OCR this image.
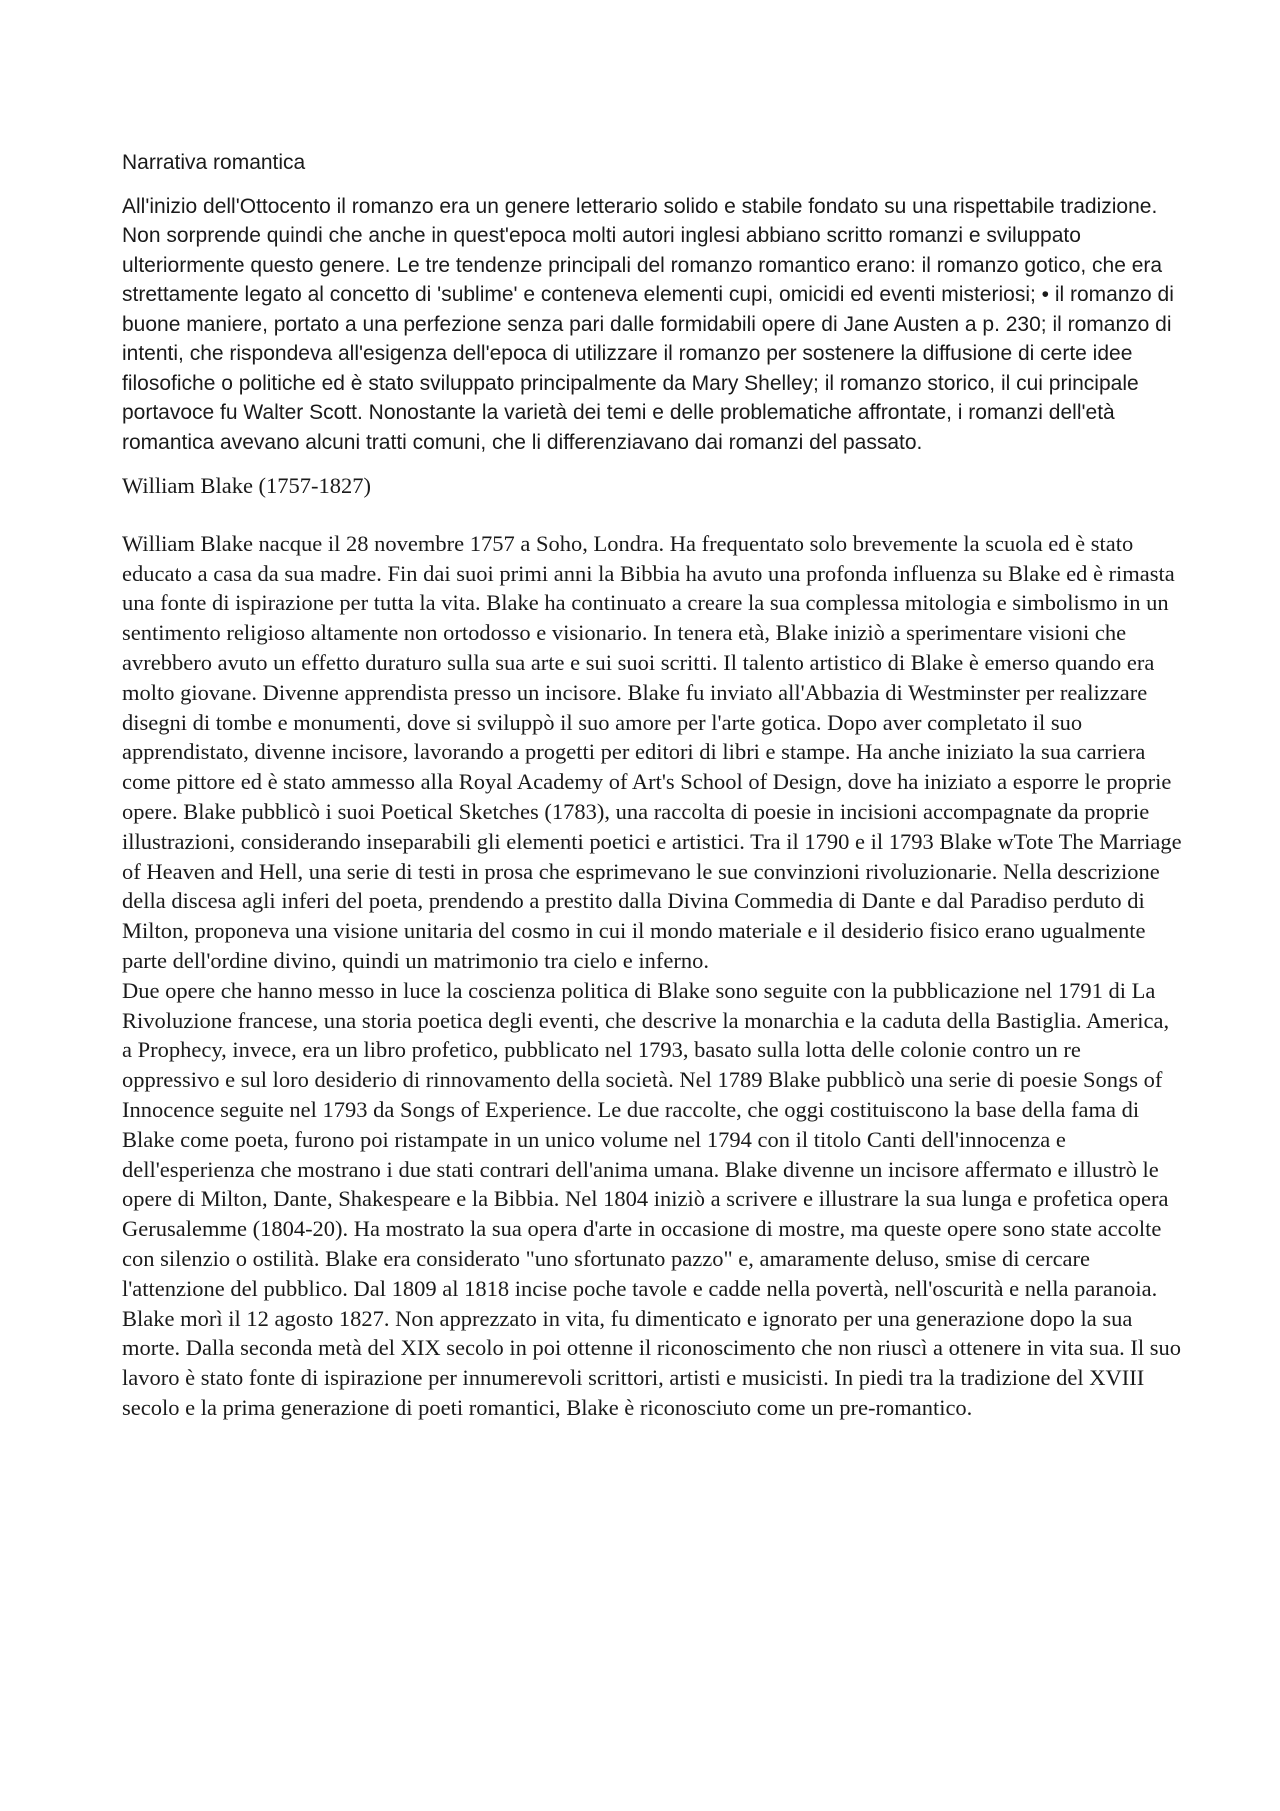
Narrativa romantica

All'inizio dell'Ottocento il romanzo era un genere letterario solido e stabile fondato su una rispettabile tradizione. Non sorprende quindi che anche in quest'epoca molti autori inglesi abbiano scritto romanzi e sviluppato ulteriormente questo genere. Le tre tendenze principali del romanzo romantico erano: il romanzo gotico, che era strettamente legato al concetto di 'sublime' e conteneva elementi cupi, omicidi ed eventi misteriosi; • il romanzo di buone maniere, portato a una perfezione senza pari dalle formidabili opere di Jane Austen a p. 230; il romanzo di intenti, che rispondeva all'esigenza dell'epoca di utilizzare il romanzo per sostenere la diffusione di certe idee filosofiche o politiche ed è stato sviluppato principalmente da Mary Shelley; il romanzo storico, il cui principale portavoce fu Walter Scott. Nonostante la varietà dei temi e delle problematiche affrontate, i romanzi dell'età romantica avevano alcuni tratti comuni, che li differenziavano dai romanzi del passato.

William Blake (1757-1827)

William Blake nacque il 28 novembre 1757 a Soho, Londra. Ha frequentato solo brevemente la scuola ed è stato educato a casa da sua madre. Fin dai suoi primi anni la Bibbia ha avuto una profonda influenza su Blake ed è rimasta una fonte di ispirazione per tutta la vita. Blake ha continuato a creare la sua complessa mitologia e simbolismo in un sentimento religioso altamente non ortodosso e visionario. In tenera età, Blake iniziò a sperimentare visioni che avrebbero avuto un effetto duraturo sulla sua arte e sui suoi scritti. Il talento artistico di Blake è emerso quando era molto giovane. Divenne apprendista presso un incisore. Blake fu inviato all'Abbazia di Westminster per realizzare disegni di tombe e monumenti, dove si sviluppò il suo amore per l'arte gotica. Dopo aver completato il suo apprendistato, divenne incisore, lavorando a progetti per editori di libri e stampe. Ha anche iniziato la sua carriera come pittore ed è stato ammesso alla Royal Academy of Art's School of Design, dove ha iniziato a esporre le proprie opere. Blake pubblicò i suoi Poetical Sketches (1783), una raccolta di poesie in incisioni accompagnate da proprie illustrazioni, considerando inseparabili gli elementi poetici e artistici. Tra il 1790 e il 1793 Blake wTote The Marriage of Heaven and Hell, una serie di testi in prosa che esprimevano le sue convinzioni rivoluzionarie. Nella descrizione della discesa agli inferi del poeta, prendendo a prestito dalla Divina Commedia di Dante e dal Paradiso perduto di Milton, proponeva una visione unitaria del cosmo in cui il mondo materiale e il desiderio fisico erano ugualmente parte dell'ordine divino, quindi un matrimonio tra cielo e inferno.

Due opere che hanno messo in luce la coscienza politica di Blake sono seguite con la pubblicazione nel 1791 di La Rivoluzione francese, una storia poetica degli eventi, che descrive la monarchia e la caduta della Bastiglia. America, a Prophecy, invece, era un libro profetico, pubblicato nel 1793, basato sulla lotta delle colonie contro un re oppressivo e sul loro desiderio di rinnovamento della società. Nel 1789 Blake pubblicò una serie di poesie Songs of Innocence seguite nel 1793 da Songs of Experience. Le due raccolte, che oggi costituiscono la base della fama di Blake come poeta, furono poi ristampate in un unico volume nel 1794 con il titolo Canti dell'innocenza e dell'esperienza che mostrano i due stati contrari dell'anima umana. Blake divenne un incisore affermato e illustrò le opere di Milton, Dante, Shakespeare e la Bibbia. Nel 1804 iniziò a scrivere e illustrare la sua lunga e profetica opera Gerusalemme (1804-20). Ha mostrato la sua opera d'arte in occasione di mostre, ma queste opere sono state accolte con silenzio o ostilità. Blake era considerato "uno sfortunato pazzo" e, amaramente deluso, smise di cercare l'attenzione del pubblico. Dal 1809 al 1818 incise poche tavole e cadde nella povertà, nell'oscurità e nella paranoia. Blake morì il 12 agosto 1827. Non apprezzato in vita, fu dimenticato e ignorato per una generazione dopo la sua morte. Dalla seconda metà del XIX secolo in poi ottenne il riconoscimento che non riuscì a ottenere in vita sua. Il suo lavoro è stato fonte di ispirazione per innumerevoli scrittori, artisti e musicisti. In piedi tra la tradizione del XVIII secolo e la prima generazione di poeti romantici, Blake è riconosciuto come un pre-romantico.
